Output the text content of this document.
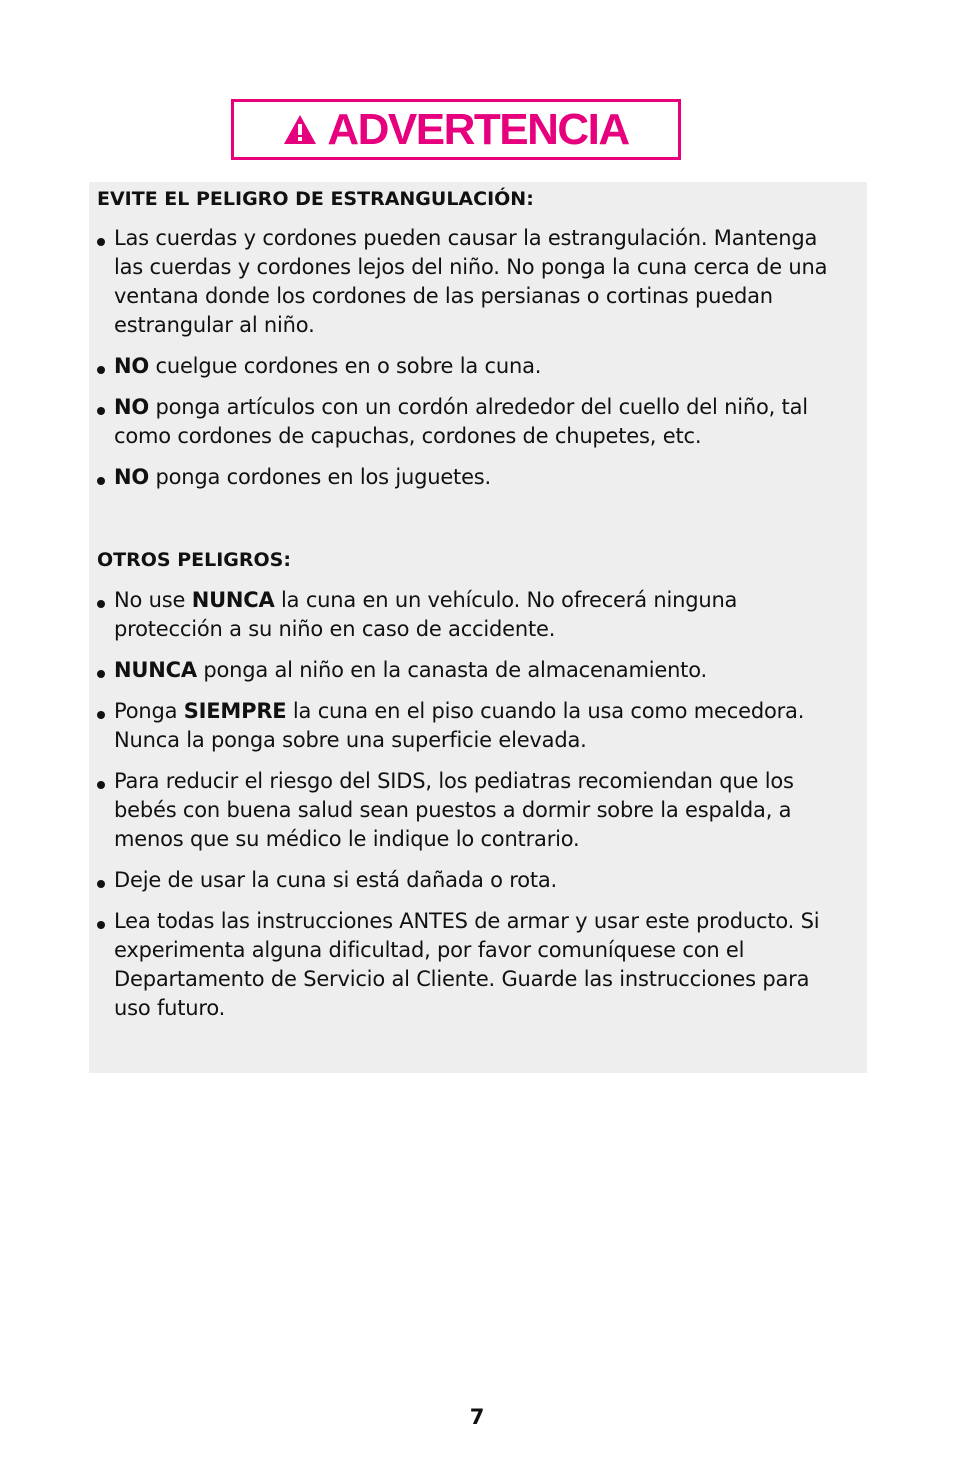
ADVERTENCIA
EVITE EL PELIGRO DE ESTRANGULACIÓN:
Las cuerdas y cordones pueden causar la estrangulación. Mantenga las cuerdas y cordones lejos del niño. No ponga la cuna cerca de una ventana donde los cordones de las persianas o cortinas puedan estrangular al niño.
NO cuelgue cordones en o sobre la cuna.
NO ponga artículos con un cordón alrededor del cuello del niño, tal como cordones de capuchas, cordones de chupetes, etc.
NO ponga cordones en los juguetes.
OTROS PELIGROS:
No use NUNCA la cuna en un vehículo. No ofrecerá ninguna protección a su niño en caso de accidente.
NUNCA ponga al niño en la canasta de almacenamiento.
Ponga SIEMPRE la cuna en el piso cuando la usa como mecedora. Nunca la ponga sobre una superficie elevada.
Para reducir el riesgo del SIDS, los pediatras recomiendan que los bebés con buena salud sean puestos a dormir sobre la espalda, a menos que su médico le indique lo contrario.
Deje de usar la cuna si está dañada o rota.
Lea todas las instrucciones ANTES de armar y usar este producto. Si experimenta alguna dificultad, por favor comuníquese con el Departamento de Servicio al Cliente. Guarde las instrucciones para uso futuro.
7
